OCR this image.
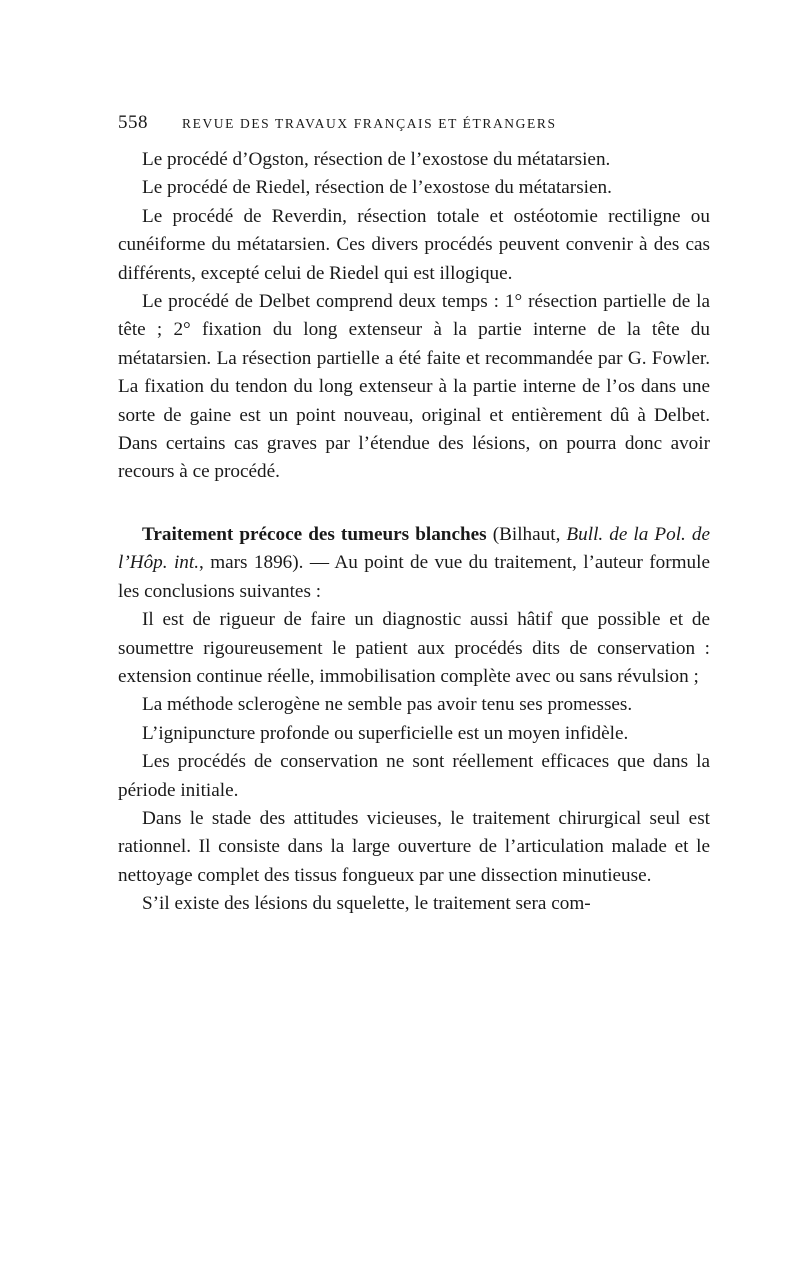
558	REVUE DES TRAVAUX FRANÇAIS ET ÉTRANGERS

Le procédé d’Ogston, résection de l’exostose du métatarsien.

Le procédé de Riedel, résection de l’exostose du métatarsien.

Le procédé de Reverdin, résection totale et ostéotomie rectiligne ou cunéiforme du métatarsien. Ces divers procédés peuvent convenir à des cas différents, excepté celui de Riedel qui est illogique.

Le procédé de Delbet comprend deux temps : 1° résection partielle de la tête ; 2° fixation du long extenseur à la partie interne de la tête du métatarsien. La résection partielle a été faite et recommandée par G. Fowler. La fixation du tendon du long extenseur à la partie interne de l’os dans une sorte de gaine est un point nouveau, original et entièrement dû à Delbet. Dans certains cas graves par l’étendue des lésions, on pourra donc avoir recours à ce procédé.

Traitement précoce des tumeurs blanches (Bilhaut, Bull. de la Pol. de l’Hôp. int., mars 1896). — Au point de vue du traitement, l’auteur formule les conclusions suivantes :

Il est de rigueur de faire un diagnostic aussi hâtif que possible et de soumettre rigoureusement le patient aux procédés dits de conservation : extension continue réelle, immobilisation complète avec ou sans révulsion ;

La méthode sclerogène ne semble pas avoir tenu ses promesses.

L’ignipuncture profonde ou superficielle est un moyen infidèle.

Les procédés de conservation ne sont réellement efficaces que dans la période initiale.

Dans le stade des attitudes vicieuses, le traitement chirurgical seul est rationnel. Il consiste dans la large ouverture de l’articulation malade et le nettoyage complet des tissus fongueux par une dissection minutieuse.

S’il existe des lésions du squelette, le traitement sera com-
